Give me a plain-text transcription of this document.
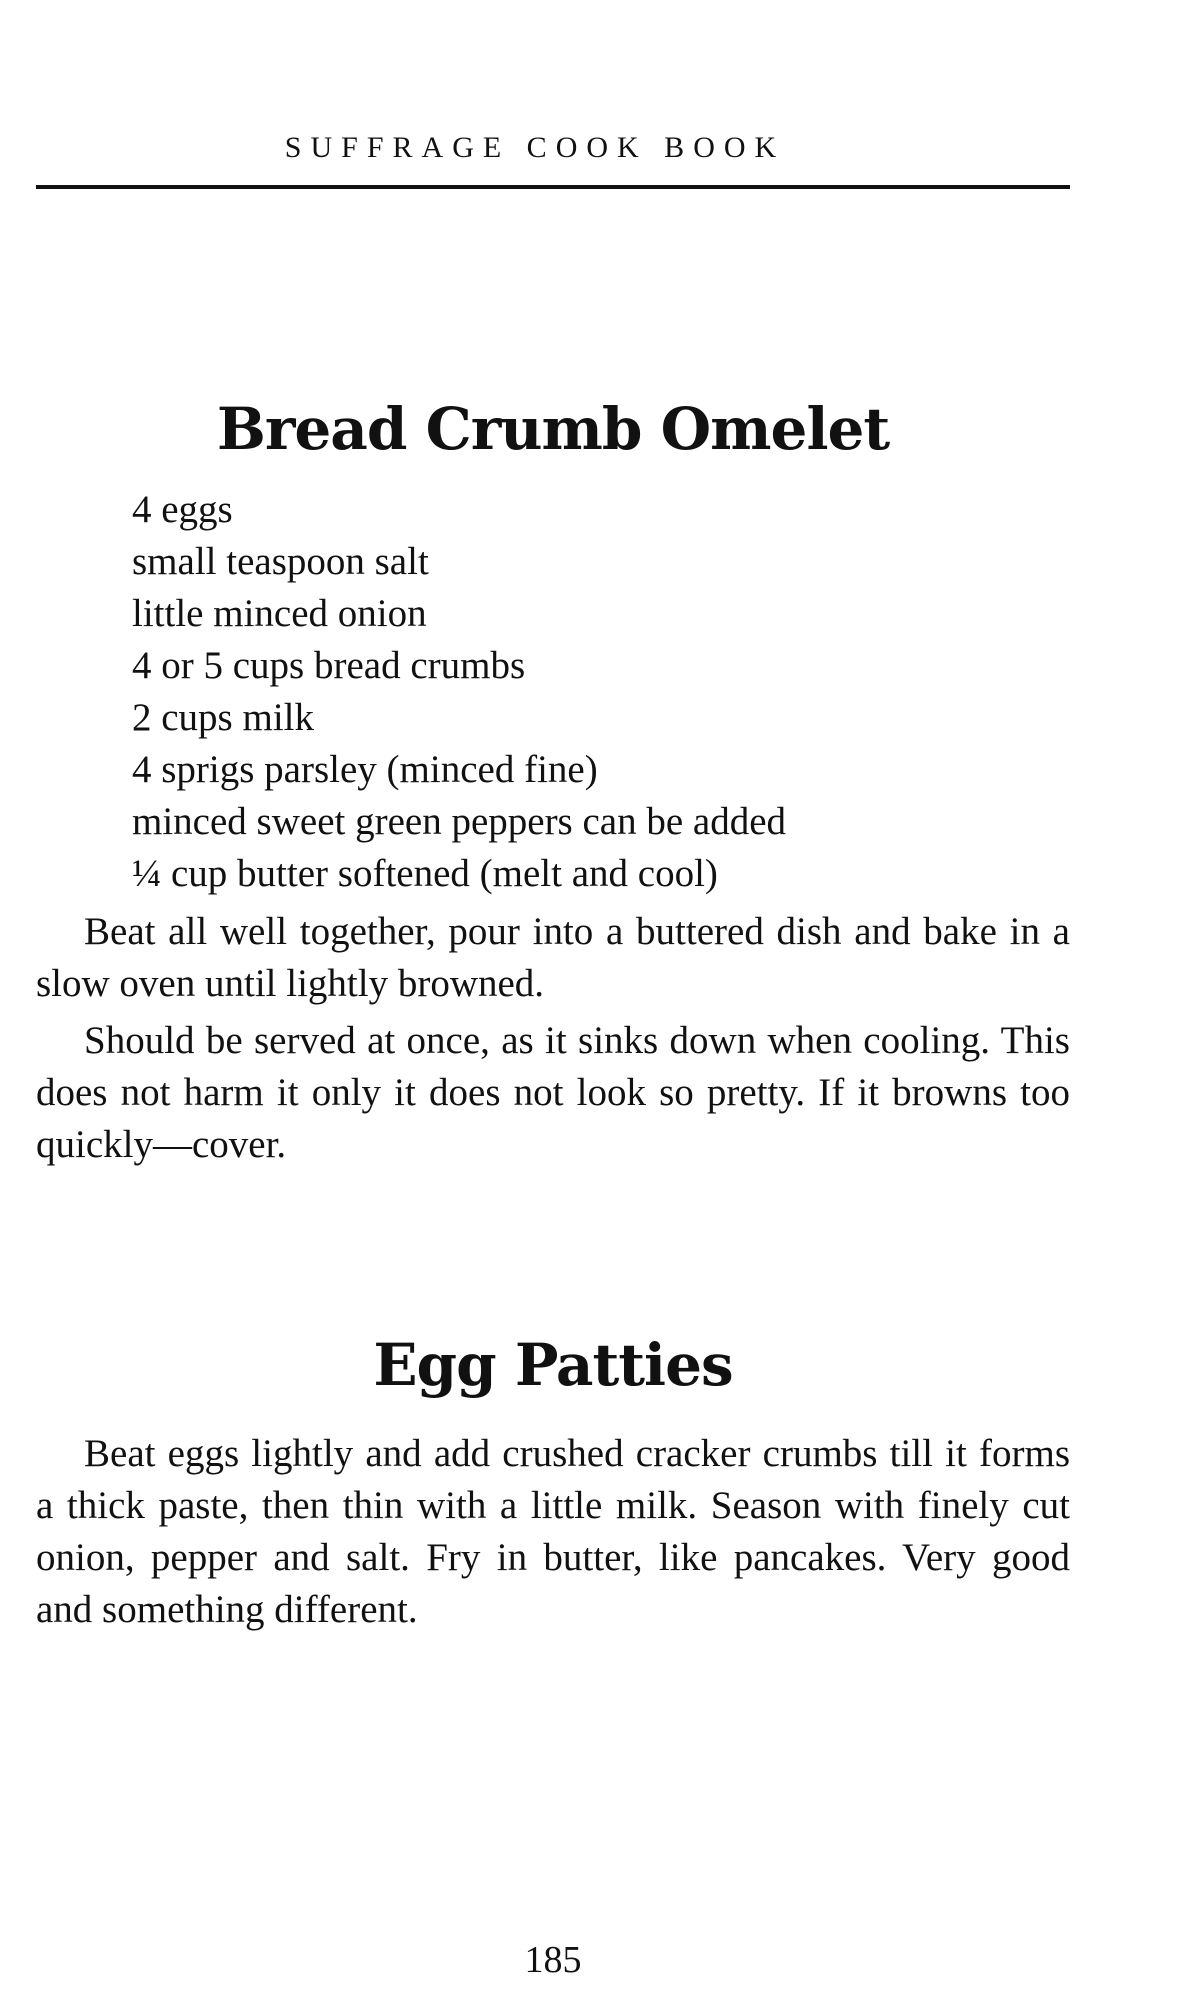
SUFFRAGE COOK BOOK
Bread Crumb Omelet
4 eggs
small teaspoon salt
little minced onion
4 or 5 cups bread crumbs
2 cups milk
4 sprigs parsley (minced fine)
minced sweet green peppers can be added
¼ cup butter softened (melt and cool)

Beat all well together, pour into a buttered dish and bake in a slow oven until lightly browned.

Should be served at once, as it sinks down when cooling. This does not harm it only it does not look so pretty. If it browns too quickly—cover.

Egg Patties

Beat eggs lightly and add crushed cracker crumbs till it forms a thick paste, then thin with a little milk. Season with finely cut onion, pepper and salt. Fry in butter, like pancakes. Very good and something different.

185
